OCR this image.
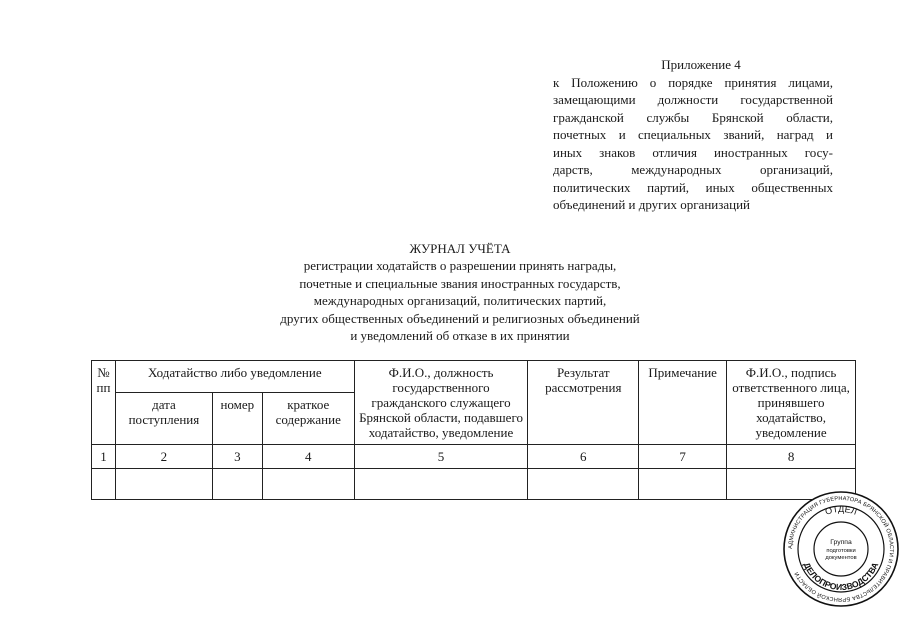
Приложение 4
к Положению о порядке принятия лицами,
замещающими должности государственной
гражданской службы Брянской области,
почетных и специальных званий, наград и
иных знаков отличия иностранных госу-
дарств, международных организаций,
политических партий, иных общественных
объединений и других организаций
ЖУРНАЛ УЧЁТА
регистрации ходатайств о разрешении принять награды,
почетные и специальные звания иностранных государств,
международных организаций, политических партий,
других общественных объединений и религиозных объединений
и уведомлений об отказе в их принятии
№ пп	Ходатайство либо уведомление			Ф.И.О., должность государственного гражданского служащего Брянской области, подавшего ходатайство, уведомление	Результат рассмотрения	Примечание	Ф.И.О., подпись ответственного лица, принявшего ходатайство, уведомление
	дата поступления	номер	краткое содержание				
1	2	3	4	5	6	7	8

АДМИНИСТРАЦИЯ ГУБЕРНАТОРА БРЯНСКОЙ ОБЛАСТИ И ПРАВИТЕЛЬСТВА БРЯНСКОЙ ОБЛАСТИ
ОТДЕЛ
ДЕЛОПРОИЗВОДСТВА
Группа
подготовки
документов
